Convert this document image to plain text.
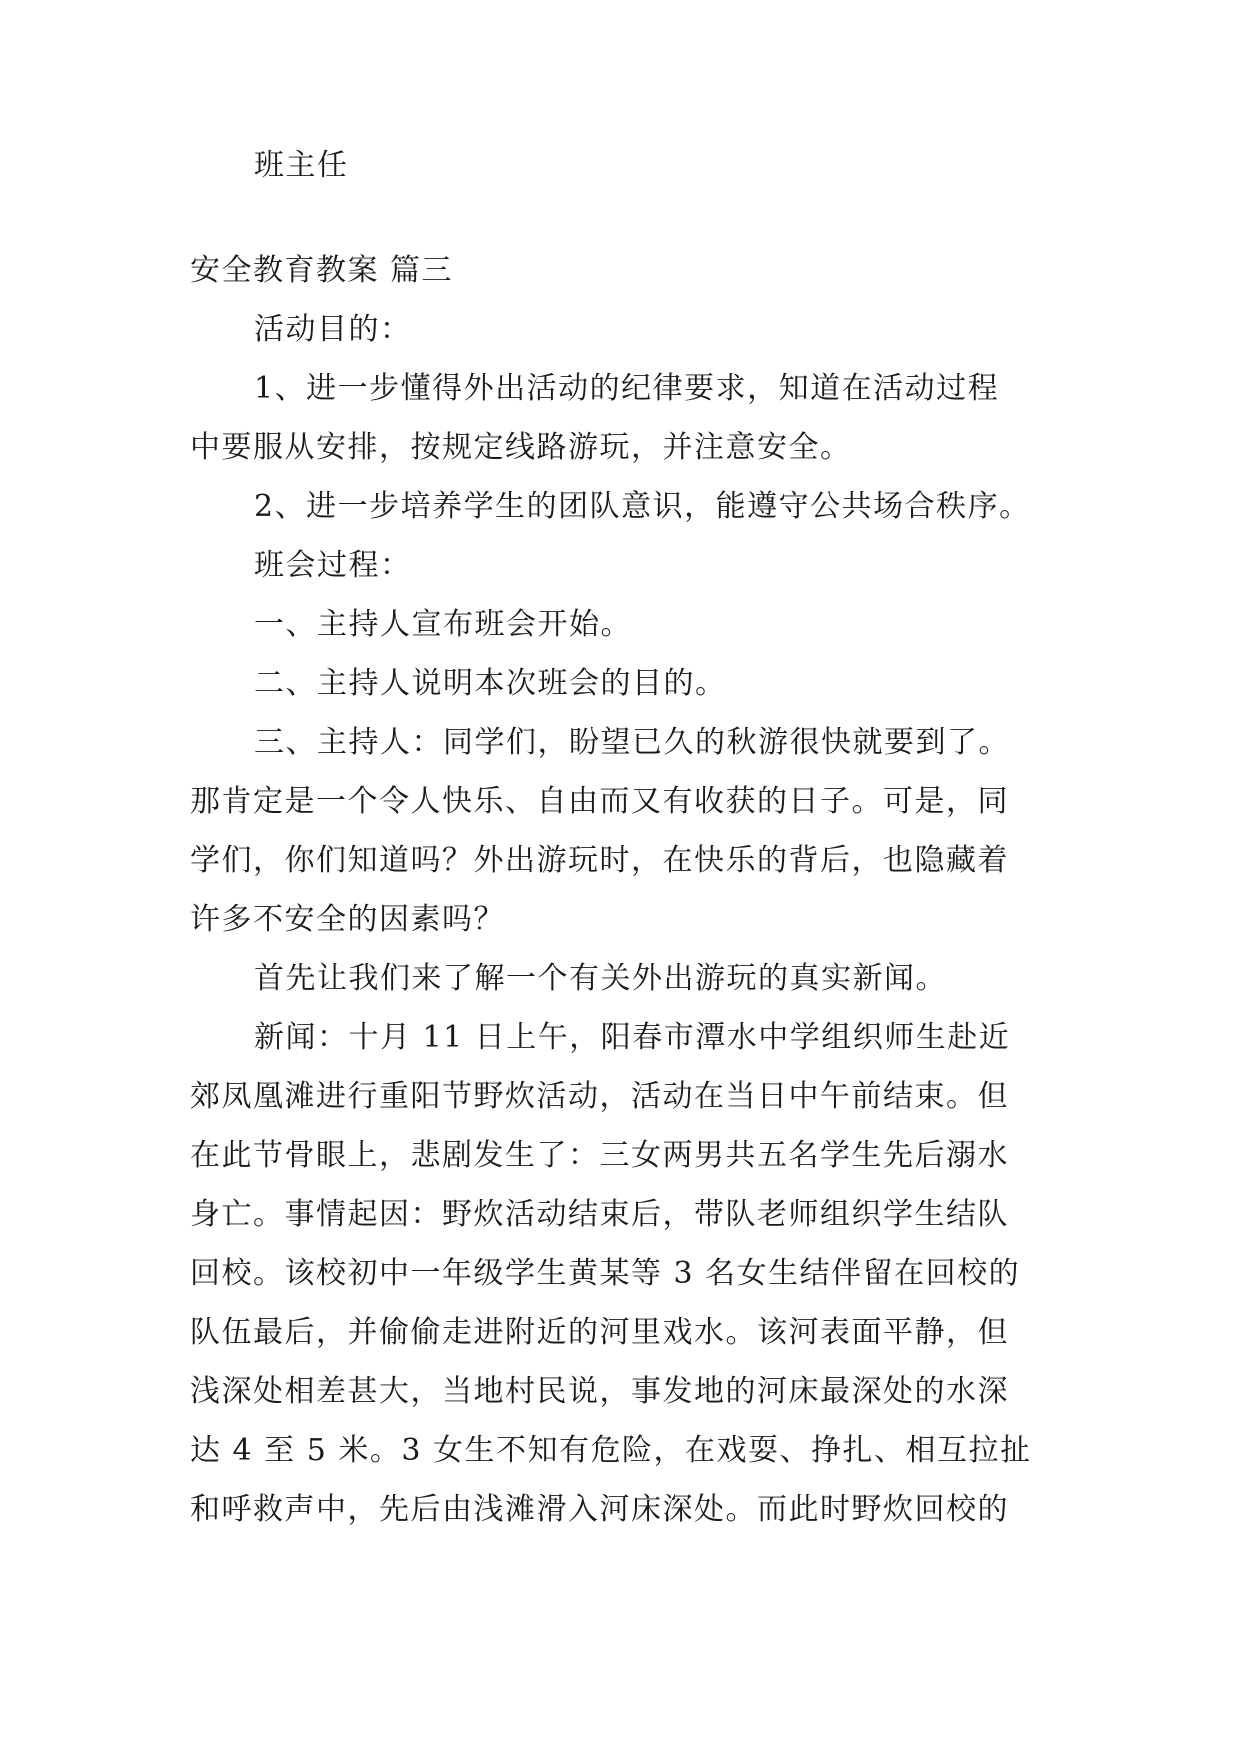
班主任
安全教育教案 篇三
活动目的：
1、进一步懂得外出活动的纪律要求，知道在活动过程
中要服从安排，按规定线路游玩，并注意安全。
2、进一步培养学生的团队意识，能遵守公共场合秩序。
班会过程：
一、主持人宣布班会开始。
二、主持人说明本次班会的目的。
三、主持人：同学们，盼望已久的秋游很快就要到了。
那肯定是一个令人快乐、自由而又有收获的日子。可是，同
学们，你们知道吗？外出游玩时，在快乐的背后，也隐藏着
许多不安全的因素吗？
首先让我们来了解一个有关外出游玩的真实新闻。
新闻：十月 11 日上午，阳春市潭水中学组织师生赴近
郊凤凰滩进行重阳节野炊活动，活动在当日中午前结束。但
在此节骨眼上，悲剧发生了：三女两男共五名学生先后溺水
身亡。事情起因：野炊活动结束后，带队老师组织学生结队
回校。该校初中一年级学生黄某等 3 名女生结伴留在回校的
队伍最后，并偷偷走进附近的河里戏水。该河表面平静，但
浅深处相差甚大，当地村民说，事发地的河床最深处的水深
达 4 至 5 米。3 女生不知有危险，在戏耍、挣扎、相互拉扯
和呼救声中，先后由浅滩滑入河床深处。而此时野炊回校的
